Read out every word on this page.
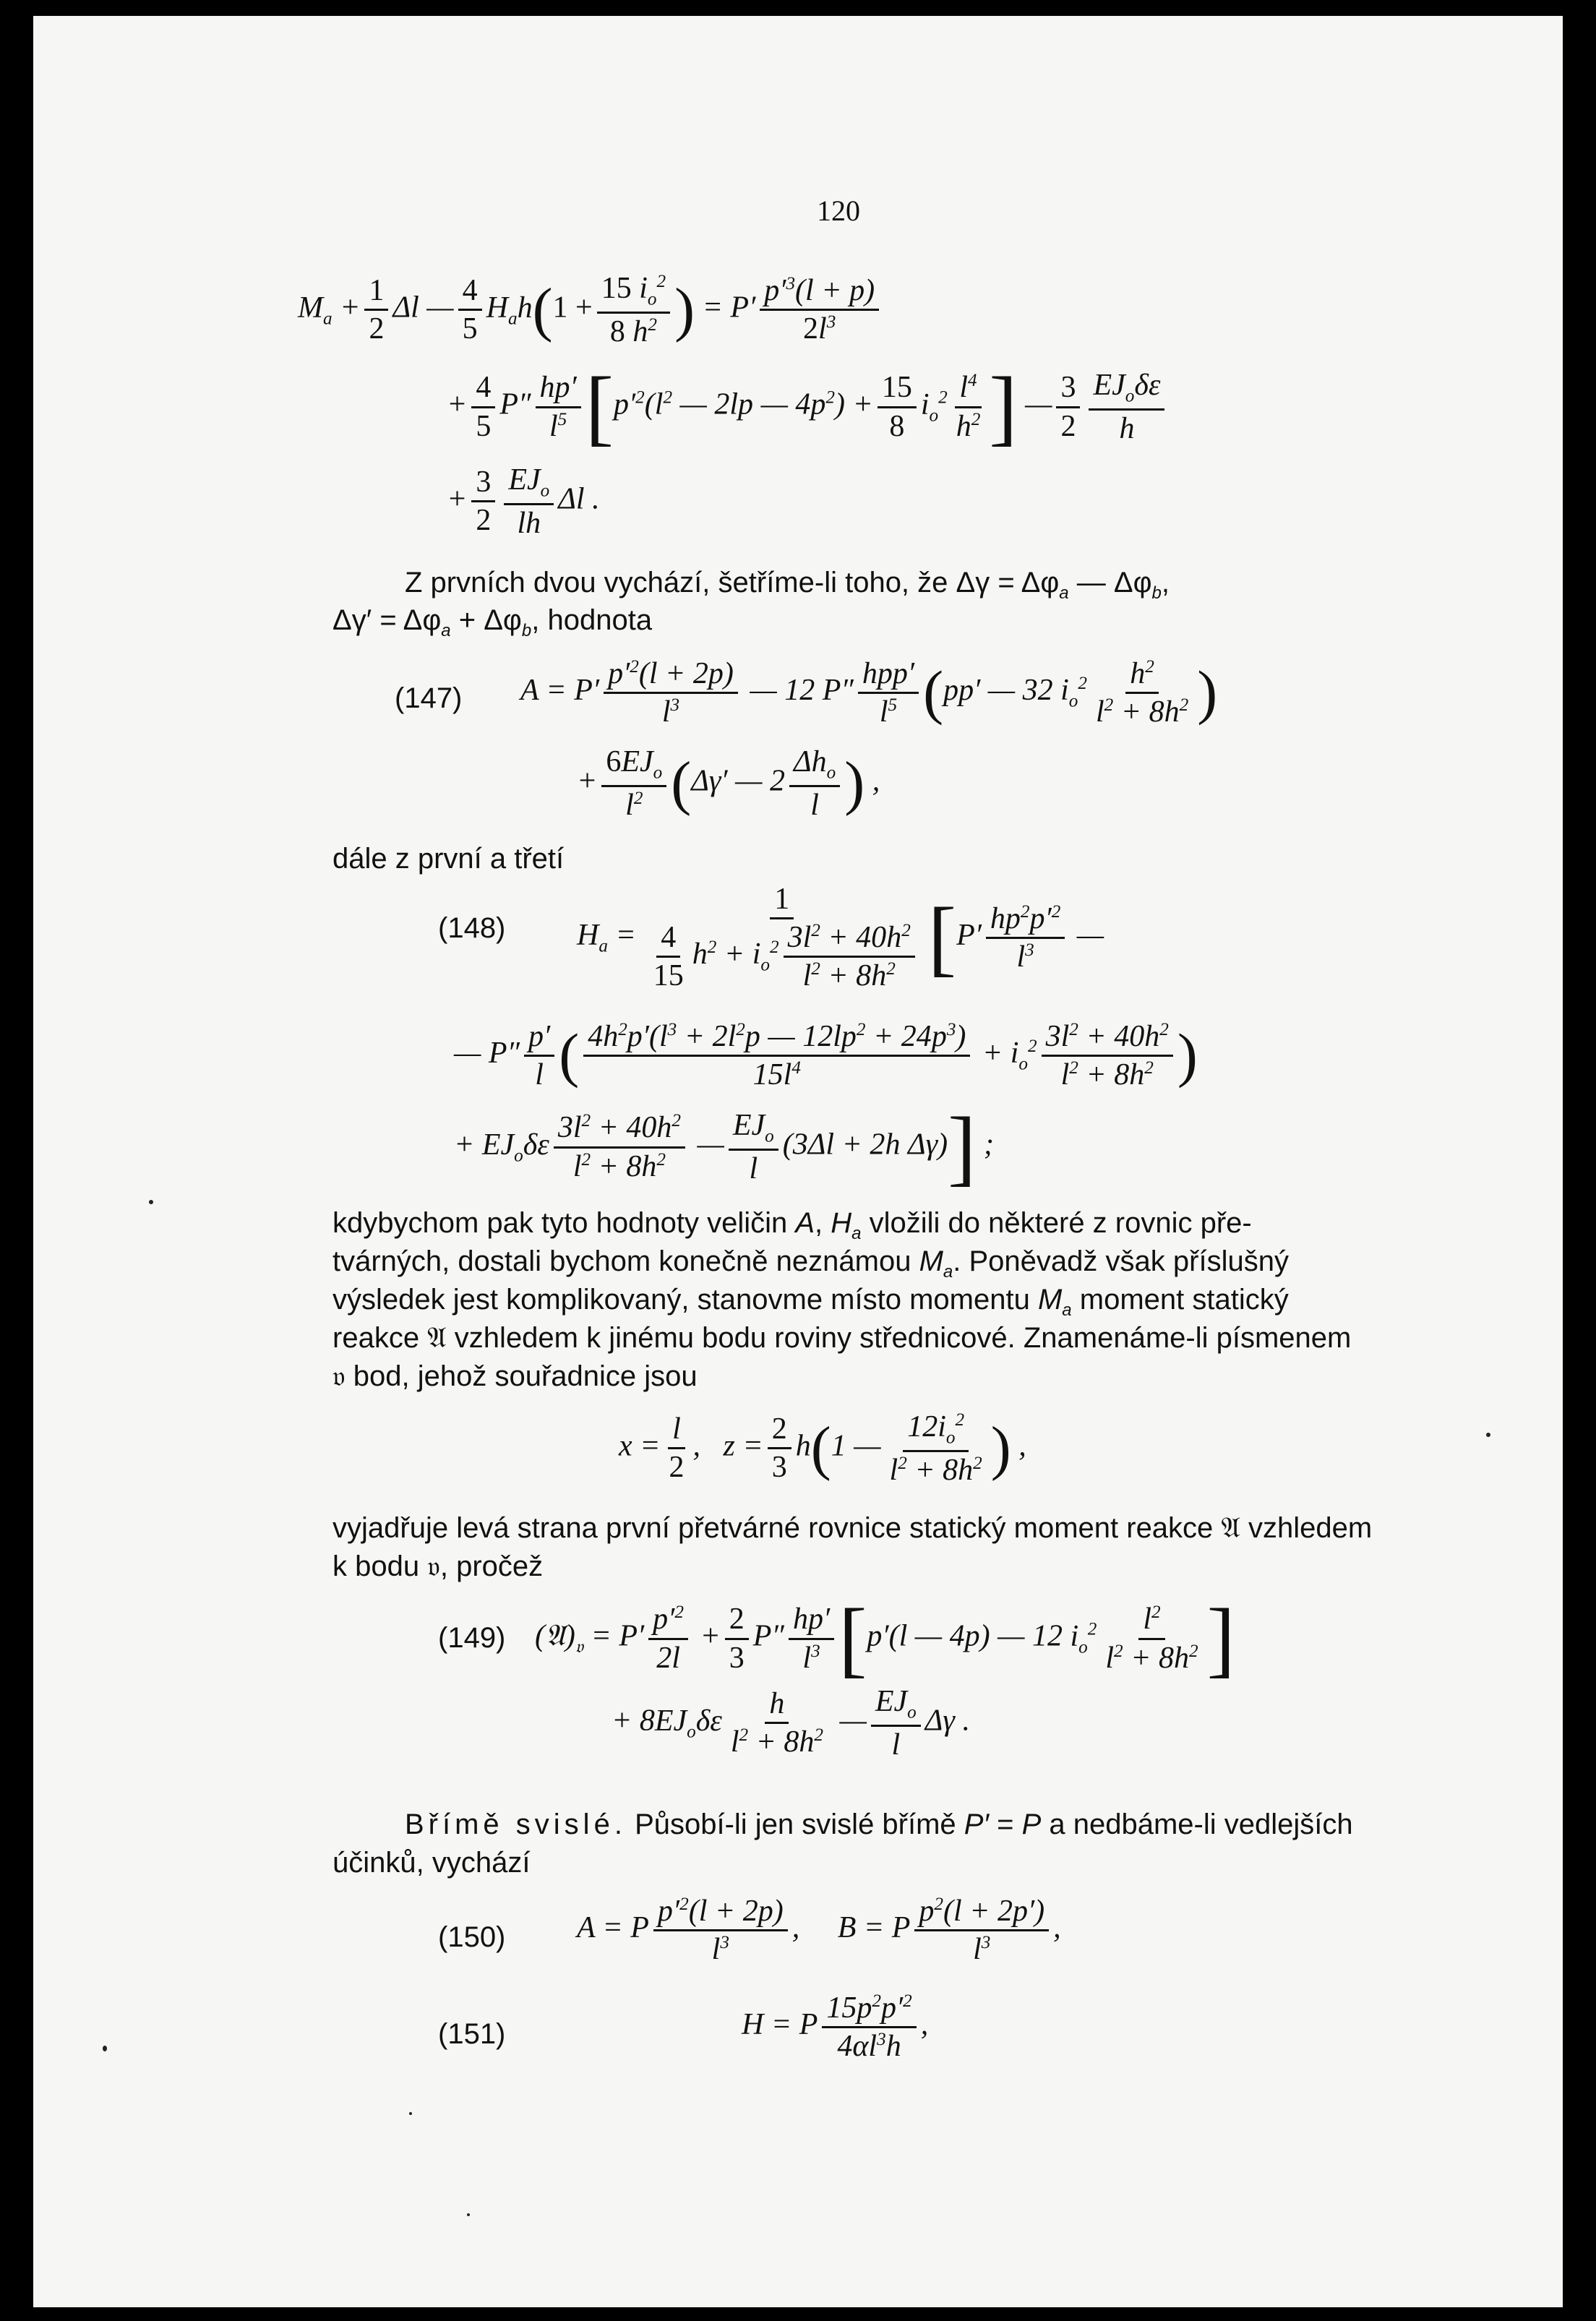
120
$M_a + \frac{1}{2}$ Δl — $\frac{4}{5} H_ah(1 + \frac{15 i_o^2}{8 h^2}$ ) = $P' \frac{p'^3(l + p)}{2l^3}$
+ $\frac{4}{5} P'' \frac{hp'}{l^5} [p'^2(l^2$ — 2lp — $4p^2) + \frac{15}{8} i_o^2 \frac{l^4}{h^2}$ ] — $\frac{3}{2} \frac{EJ_o\delta\varepsilon}{h}$
+ $\frac{3}{2} \frac{EJ_o}{lh}$ Δl .
Z prvních dvou vychází, šetříme-li toho, že $\Delta\gamma = \Delta\varphi_a$ — $\Delta\varphi_b$,
$\Delta\gamma' = \Delta\varphi_a + \Delta\varphi_b$, hodnota
(147) $A = P' \frac{p'^2(l + 2p)}{l^3}$ — 12 $P'' \frac{\text{hpp′}}{l^5} (pp'$ — 32 $i_o^2 \frac{h^2}{l^2 + 8h^2}$ )
+ $\frac{6EJ_o}{l^2} (\Delta\gamma'$ — $2 \frac{\Delta h_o}{l}$ ) ,
dále z první a třetí
(148) $H_a = \frac{1}{\frac{4}{15} h^2 + i_o^2 \frac{3l^2 + 40h^2}{l^2 + 8h^2}} [P' \frac{hp^2p'^2}{l^3}$ —
— $P'' \frac{p'}{l}$ ( $\frac{4h^2p'(l^3 + 2l^2p — 12lp^2 + 24p^3)}{15l^4} + i_o^2 \frac{3l^2 + 40h^2}{l^2 + 8h^2}$ )
+ $EJ_o\delta\varepsilon \frac{3l^2 + 40h^2}{l^2 + 8h^2}$ — $\frac{EJ_o}{l} (3\Delta l + 2h$ Δγ)] ;
kdybychom pak tyto hodnoty veličin A, $H_a$ vložili do některé z rovnic pře-
tvárných, dostali bychom konečně neznámou $M_a$. Poněvadž však příslušný
výsledek jest komplikovaný, stanovme místo momentu $M_a$ moment statický
reakce 𝔄 vzhledem k jinému bodu roviny střednicové. Znamenáme-li písmenem
𝔳 bod, jehož souřadnice jsou
$x = \frac{l}{2}$ ,   $z = \frac{2}{3} h(1$ — $\frac{12i_o^2}{l^2 + 8h^2}$ ) ,
vyjadřuje levá strana první přetvárné rovnice statický moment reakce 𝔄 vzhledem
k bodu 𝔳, pročež
(149) $(𝔄)_𝔳 = P' \frac{p'^2}{2l} + \frac{2}{3} P'' \frac{hp'}{l^3} [p'(l$ — 4p) — 12 $i_o^2 \frac{l^2}{l^2 + 8h^2}$ ]
+ $8EJ_o\delta\varepsilon \frac{h}{l^2 + 8h^2}$ — $\frac{EJ_o}{l}$ Δγ .
Břímě svislé. Působí-li jen svislé břímě P′ = P a nedbáme-li vedlejších
účinků, vychází
(150) A = P $\frac{p'^2(l + 2p)}{l^3}$ ,     B = P $\frac{p^2(l + 2p')}{l^3}$ ,
(151)	H = P $\frac{15p^2p'^2}{4\alpha l^3h}$ ,
